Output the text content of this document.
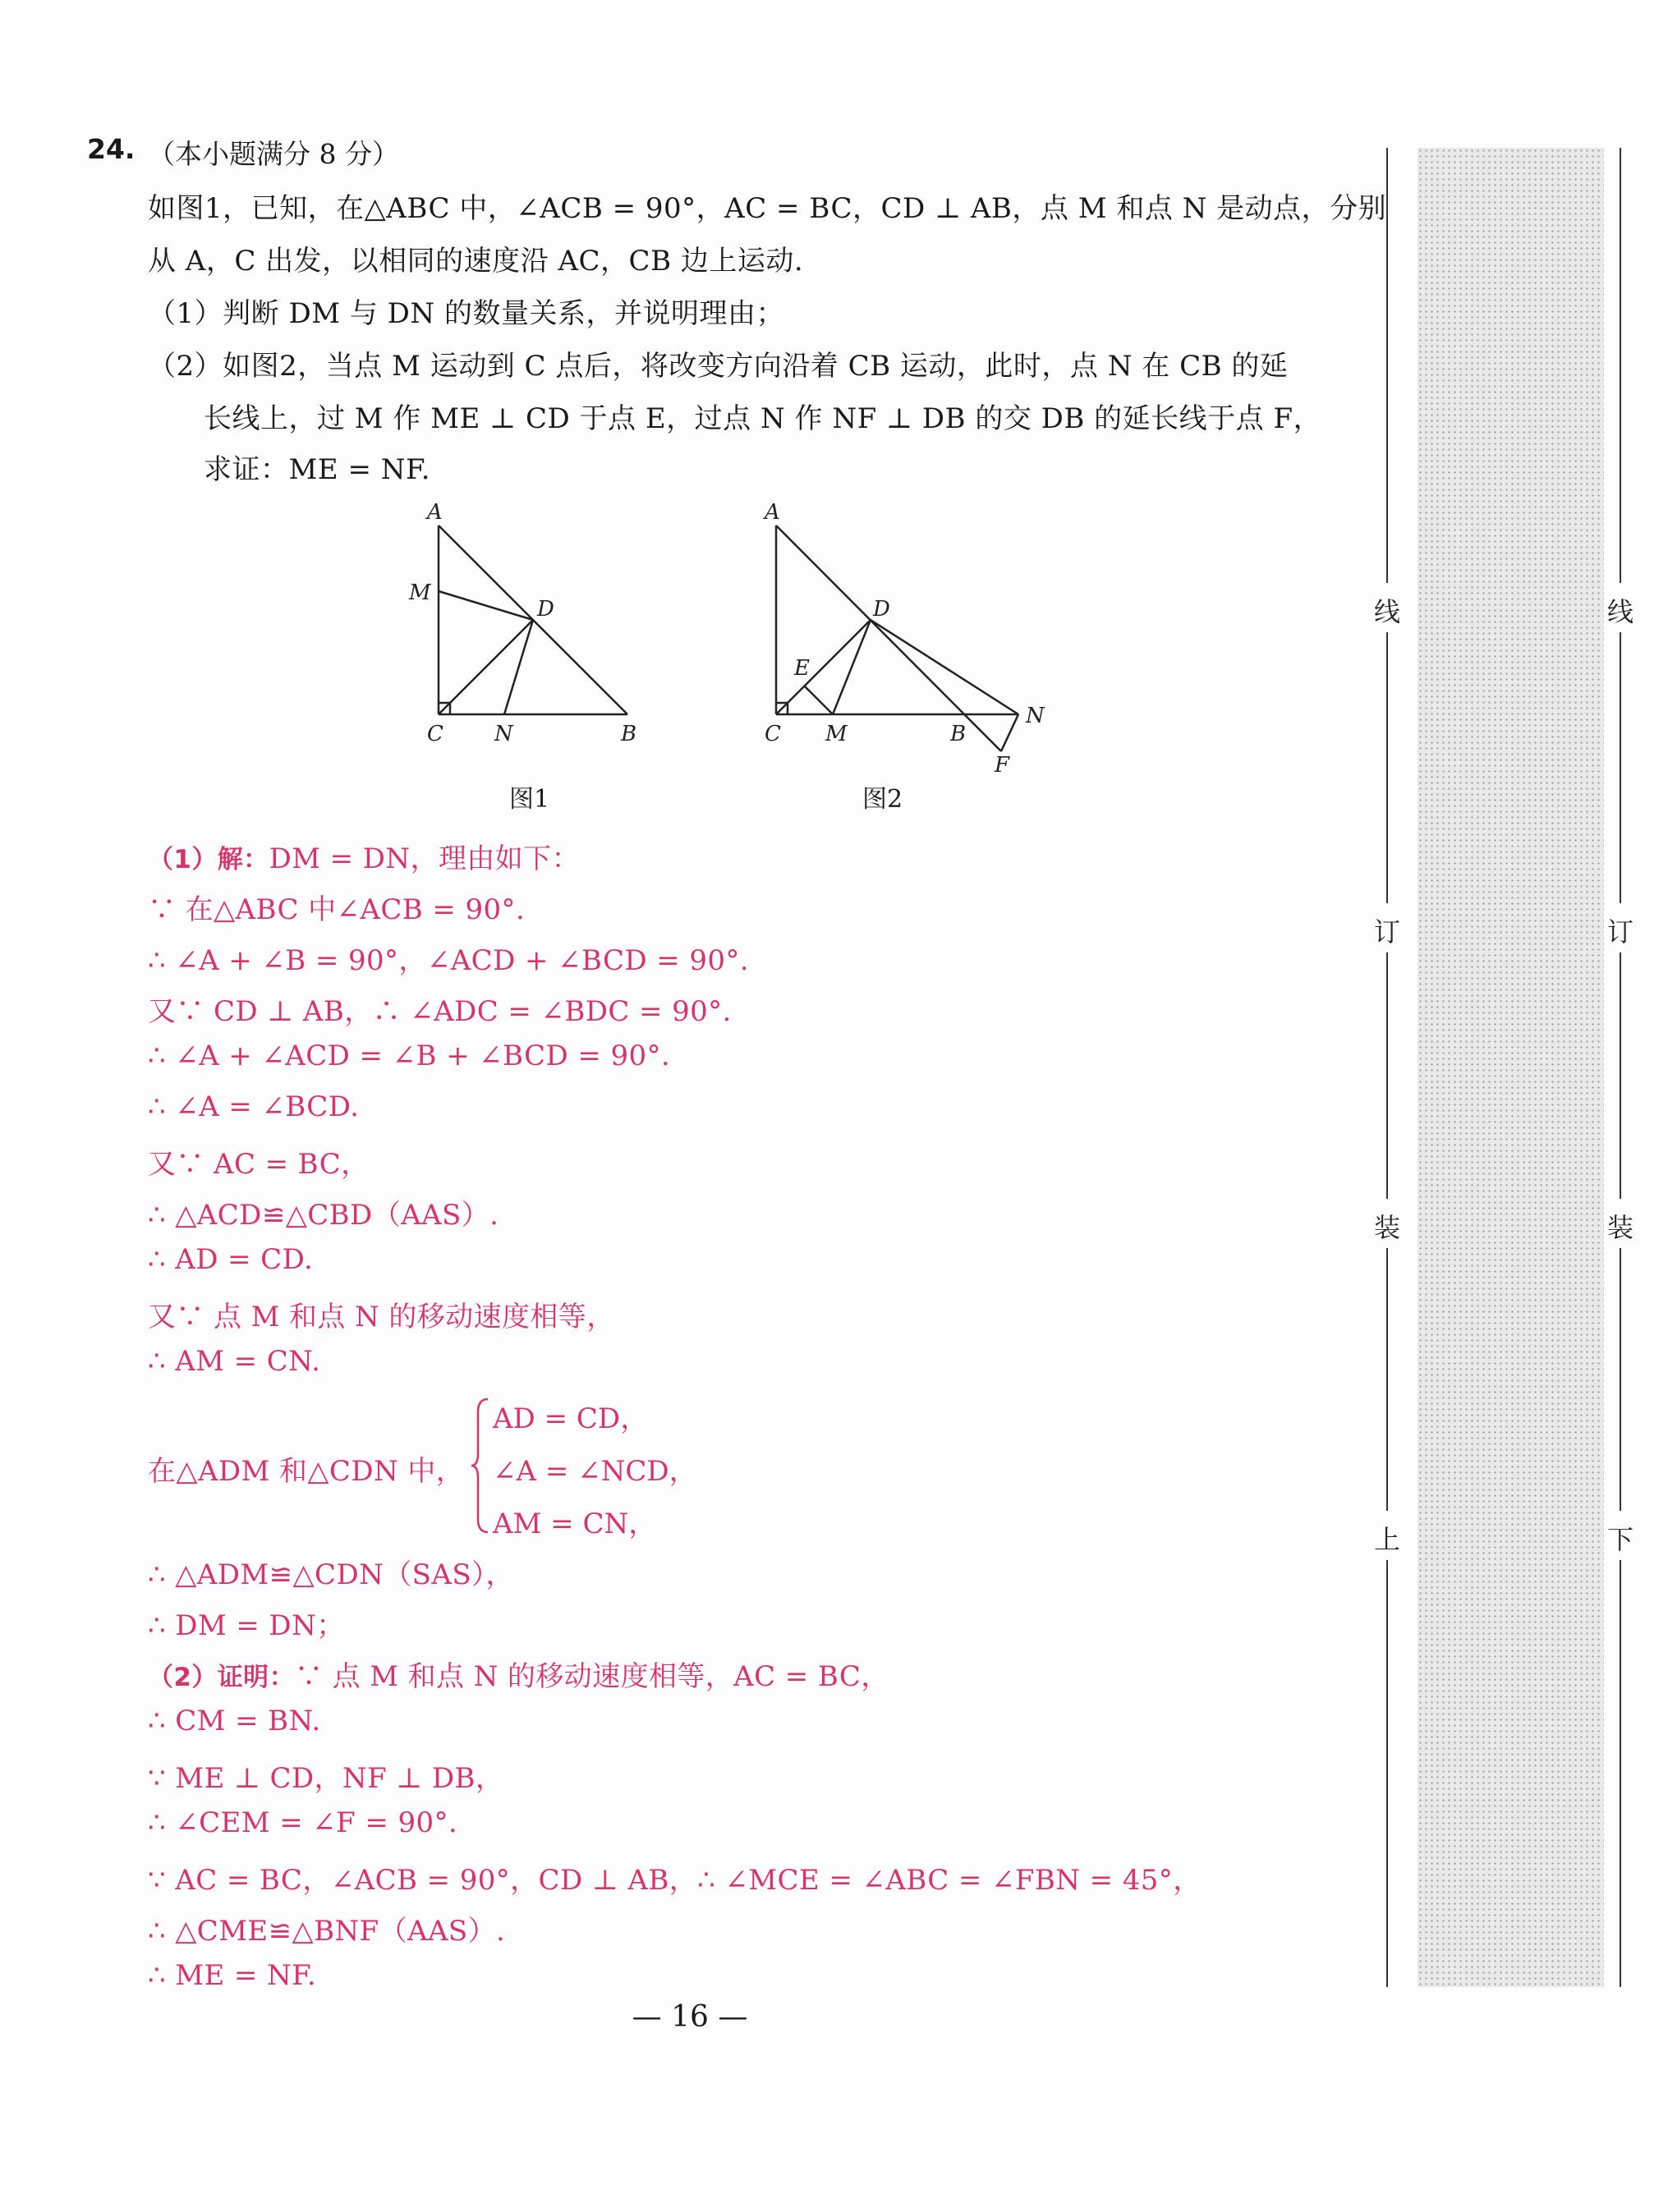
24. （本小题满分 8 分）
如图1，已知，在△ABC 中，∠ACB = 90°，AC = BC，CD ⊥ AB，点 M 和点 N 是动点，分别
从 A，C 出发，以相同的速度沿 AC，CB 边上运动.
（1）判断 DM 与 DN 的数量关系，并说明理由；
（2）如图2，当点 M 运动到 C 点后，将改变方向沿着 CB 运动，此时，点 N 在 CB 的延
长线上，过 M 作 ME ⊥ CD 于点 E，过点 N 作 NF ⊥ DB 的交 DB 的延长线于点 F，
求证：ME = NF.
A
M
D
C N	B
图1
A
D
E
C M	B
N
F
图2
（1）解：DM = DN，理由如下：
∵ 在△ABC 中∠ACB = 90°.
∴ ∠A + ∠B = 90°，∠ACD + ∠BCD = 90°.
又∵ CD ⊥ AB，∴ ∠ADC = ∠BDC = 90°.
∴ ∠A + ∠ACD = ∠B + ∠BCD = 90°.
∴ ∠A = ∠BCD.
又∵ AC = BC，
∴ △ACD≌△CBD（AAS）.
∴ AD = CD.
又∵ 点 M 和点 N 的移动速度相等，
∴ AM = CN.
在△ADM 和△CDN 中，
AD = CD，
∠A = ∠NCD，
AM = CN，
∴ △ADM≌△CDN（SAS），
∴ DM = DN；
（2）证明：∵ 点 M 和点 N 的移动速度相等，AC = BC，
∴ CM = BN.
∵ ME ⊥ CD，NF ⊥ DB，
∴ ∠CEM = ∠F = 90°.
∵ AC = BC，∠ACB = 90°，CD ⊥ AB，∴ ∠MCE = ∠ABC = ∠FBN = 45°，
∴ △CME≌△BNF（AAS）.
∴ ME = NF.
— 16 —
线
订
装
上
线
订
装
下
